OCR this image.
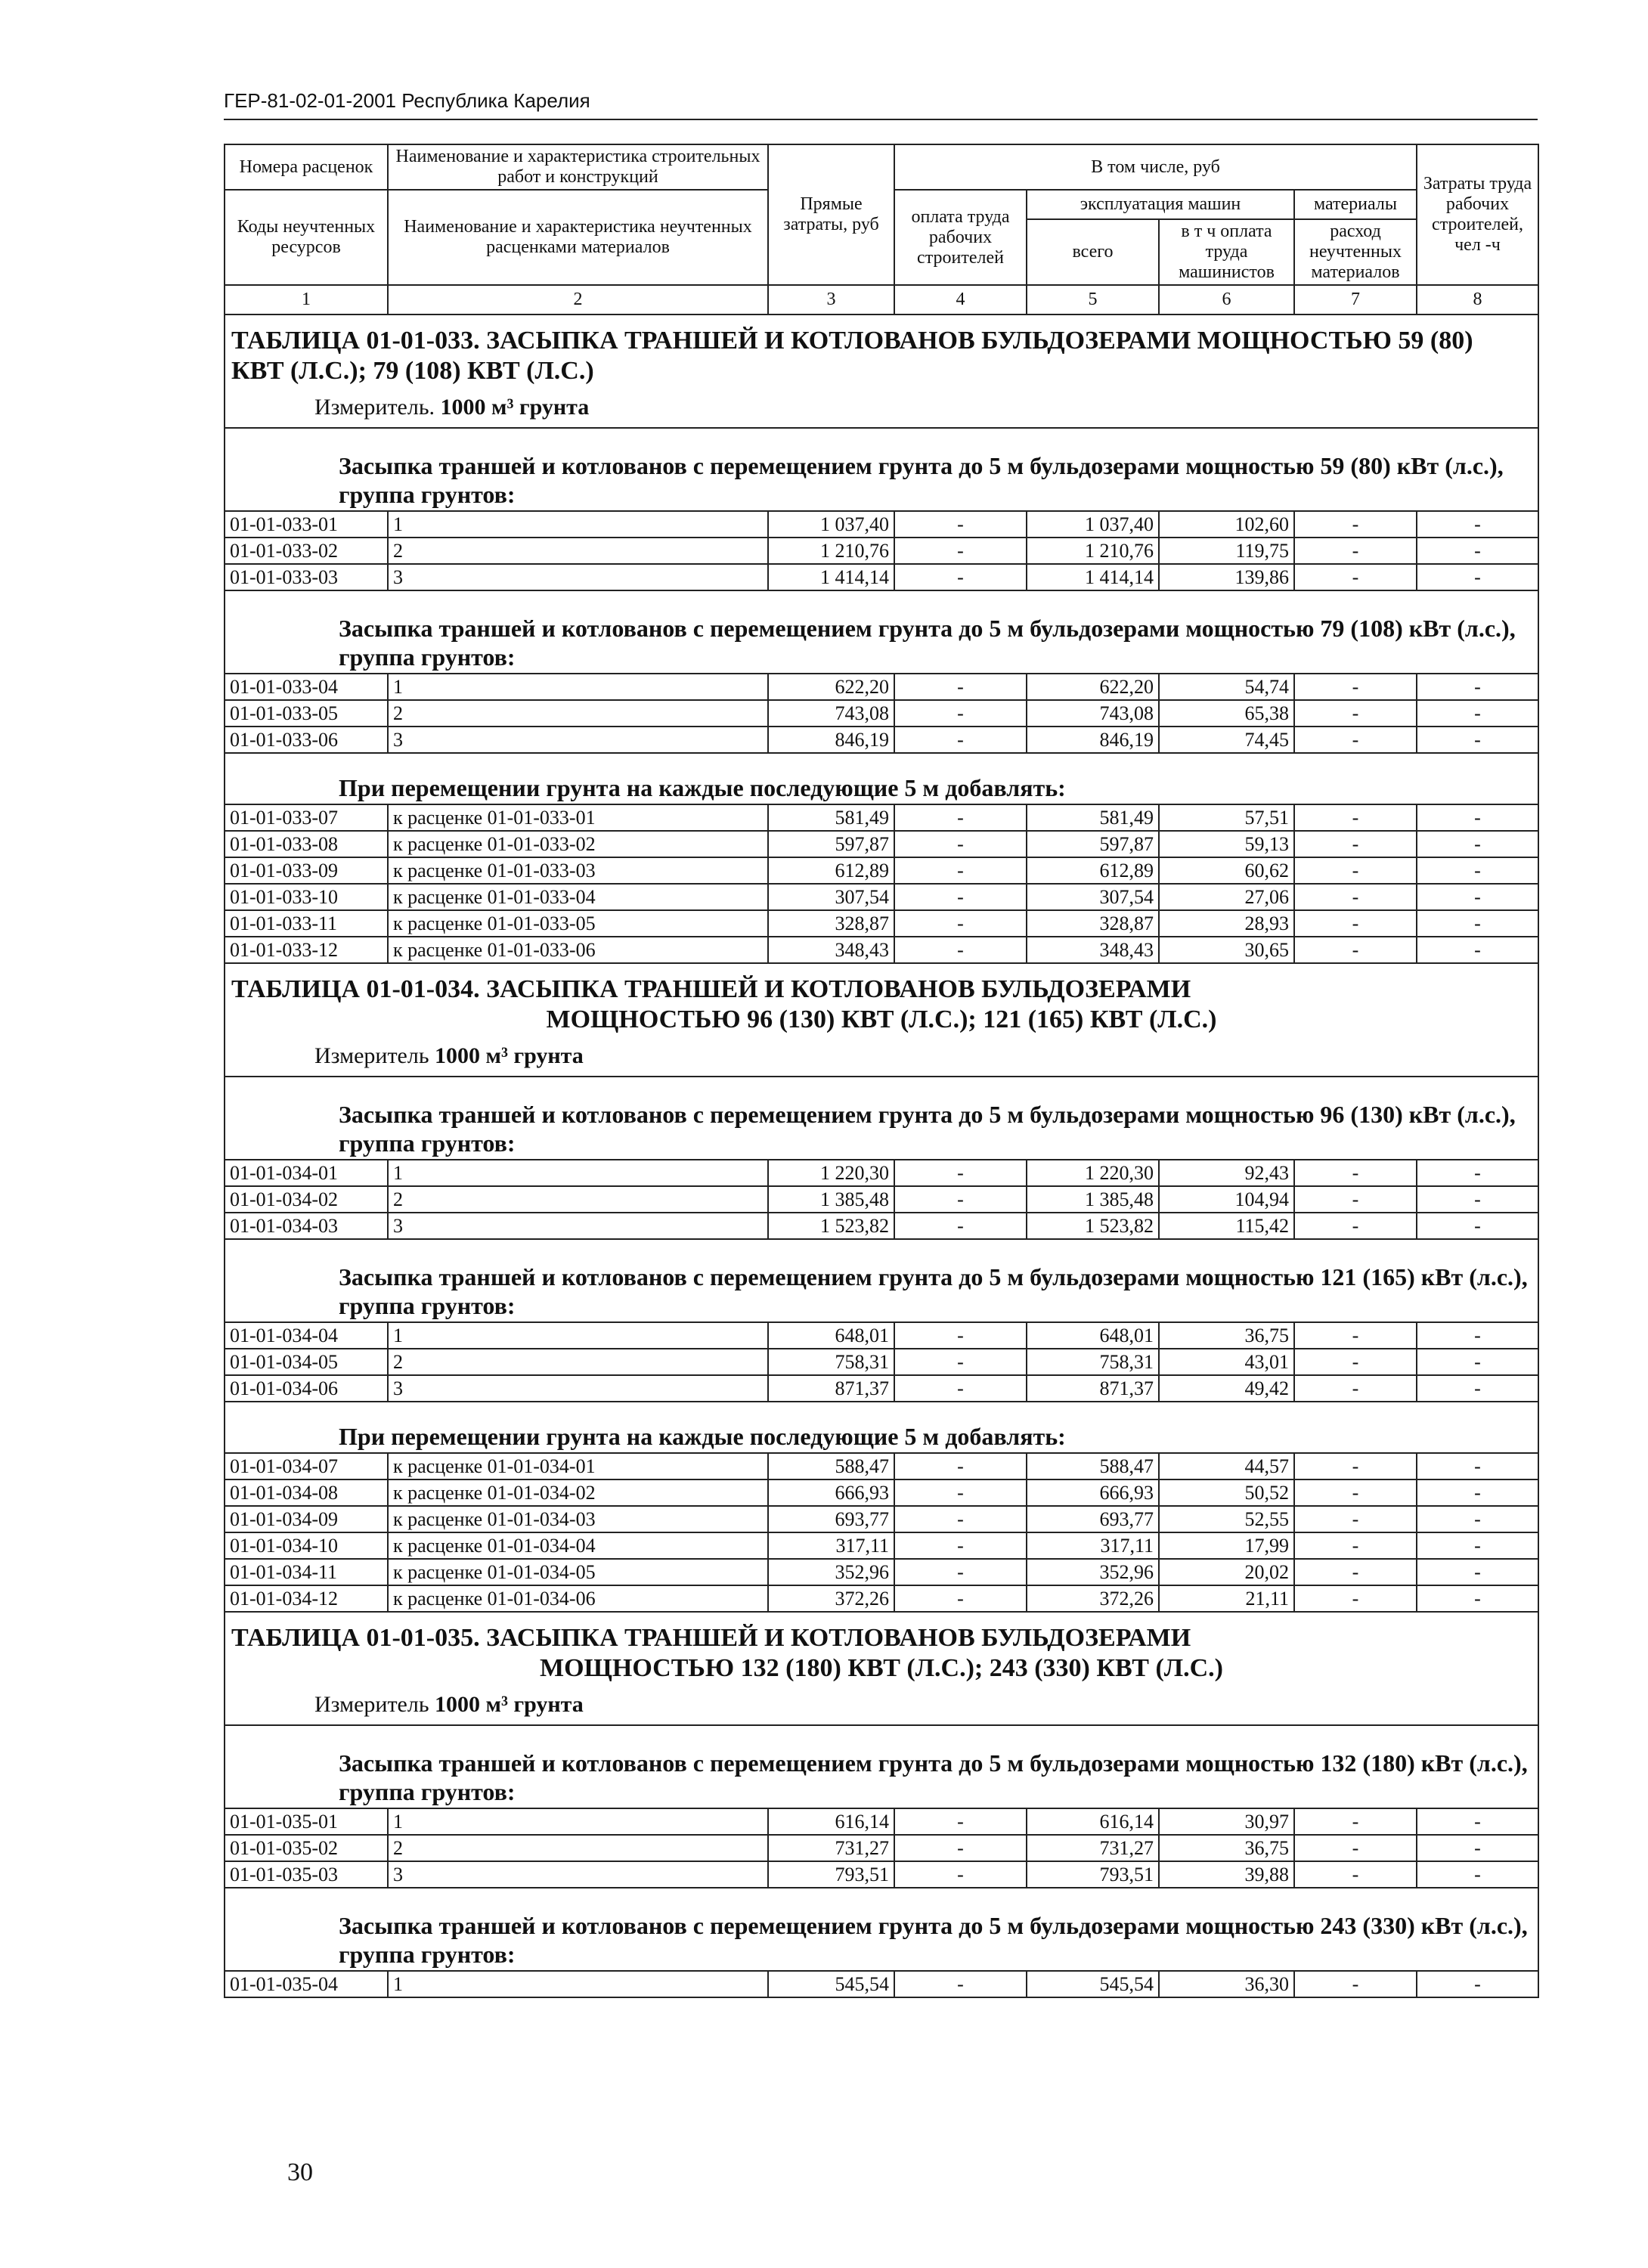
ГЕР-81-02-01-2001 Республика Карелия
Номера расценок	Наименование и характеристика строительных работ и конструкций	Прямые затраты, руб	В том числе, руб				Затраты труда рабочих строителей, чел -ч
Коды неучтенных ресурсов	Наименование и характеристика неучтенных расценками материалов		оплата труда рабочих строителей	эксплуатация машин		материалы	
				всего	в т ч оплата труда машинистов	расход неучтенных материалов	
1	2	3	4	5	6	7	8

ТАБЛИЦА 01-01-033. ЗАСЫПКА ТРАНШЕЙ И КОТЛОВАНОВ БУЛЬДОЗЕРАМИ МОЩНОСТЬЮ 59 (80) КВТ (Л.С.); 79 (108) КВТ (Л.С.)
Измеритель. 1000 м³ грунта							

Засыпка траншей и котлованов с перемещением грунта до 5 м бульдозерами мощностью 59 (80) кВт (л.с.), группа грунтов:							
01-01-033-01	1	1 037,40	-	1 037,40	102,60	-	-
01-01-033-02	2	1 210,76	-	1 210,76	119,75	-	-
01-01-033-03	3	1 414,14	-	1 414,14	139,86	-	-
Засыпка траншей и котлованов с перемещением грунта до 5 м бульдозерами мощностью 79 (108) кВт (л.с.), группа грунтов:							
01-01-033-04	1	622,20	-	622,20	54,74	-	-
01-01-033-05	2	743,08	-	743,08	65,38	-	-
01-01-033-06	3	846,19	-	846,19	74,45	-	-
При перемещении грунта на каждые последующие 5 м добавлять:							
01-01-033-07	к расценке 01-01-033-01	581,49	-	581,49	57,51	-	-
01-01-033-08	к расценке 01-01-033-02	597,87	-	597,87	59,13	-	-
01-01-033-09	к расценке 01-01-033-03	612,89	-	612,89	60,62	-	-
01-01-033-10	к расценке 01-01-033-04	307,54	-	307,54	27,06	-	-
01-01-033-11	к расценке 01-01-033-05	328,87	-	328,87	28,93	-	-
01-01-033-12	к расценке 01-01-033-06	348,43	-	348,43	30,65	-	-

ТАБЛИЦА 01-01-034. ЗАСЫПКА ТРАНШЕЙ И КОТЛОВАНОВ БУЛЬДОЗЕРАМИ
МОЩНОСТЬЮ 96 (130) КВТ (Л.С.); 121 (165) КВТ (Л.С.)
Измеритель 1000 м³ грунта							

Засыпка траншей и котлованов с перемещением грунта до 5 м бульдозерами мощностью 96 (130) кВт (л.с.), группа грунтов:							
01-01-034-01	1	1 220,30	-	1 220,30	92,43	-	-
01-01-034-02	2	1 385,48	-	1 385,48	104,94	-	-
01-01-034-03	3	1 523,82	-	1 523,82	115,42	-	-
Засыпка траншей и котлованов с перемещением грунта до 5 м бульдозерами мощностью 121 (165) кВт (л.с.), группа грунтов:							
01-01-034-04	1	648,01	-	648,01	36,75	-	-
01-01-034-05	2	758,31	-	758,31	43,01	-	-
01-01-034-06	3	871,37	-	871,37	49,42	-	-
При перемещении грунта на каждые последующие 5 м добавлять:							
01-01-034-07	к расценке 01-01-034-01	588,47	-	588,47	44,57	-	-
01-01-034-08	к расценке 01-01-034-02	666,93	-	666,93	50,52	-	-
01-01-034-09	к расценке 01-01-034-03	693,77	-	693,77	52,55	-	-
01-01-034-10	к расценке 01-01-034-04	317,11	-	317,11	17,99	-	-
01-01-034-11	к расценке 01-01-034-05	352,96	-	352,96	20,02	-	-
01-01-034-12	к расценке 01-01-034-06	372,26	-	372,26	21,11	-	-

ТАБЛИЦА 01-01-035. ЗАСЫПКА ТРАНШЕЙ И КОТЛОВАНОВ БУЛЬДОЗЕРАМИ
МОЩНОСТЬЮ 132 (180) КВТ (Л.С.); 243 (330) КВТ (Л.С.)
Измеритель 1000 м³ грунта							

Засыпка траншей и котлованов с перемещением грунта до 5 м бульдозерами мощностью 132 (180) кВт (л.с.), группа грунтов:							
01-01-035-01	1	616,14	-	616,14	30,97	-	-
01-01-035-02	2	731,27	-	731,27	36,75	-	-
01-01-035-03	3	793,51	-	793,51	39,88	-	-
Засыпка траншей и котлованов с перемещением грунта до 5 м бульдозерами мощностью 243 (330) кВт (л.с.), группа грунтов:							
01-01-035-04	1	545,54	-	545,54	36,30	-	-
30
